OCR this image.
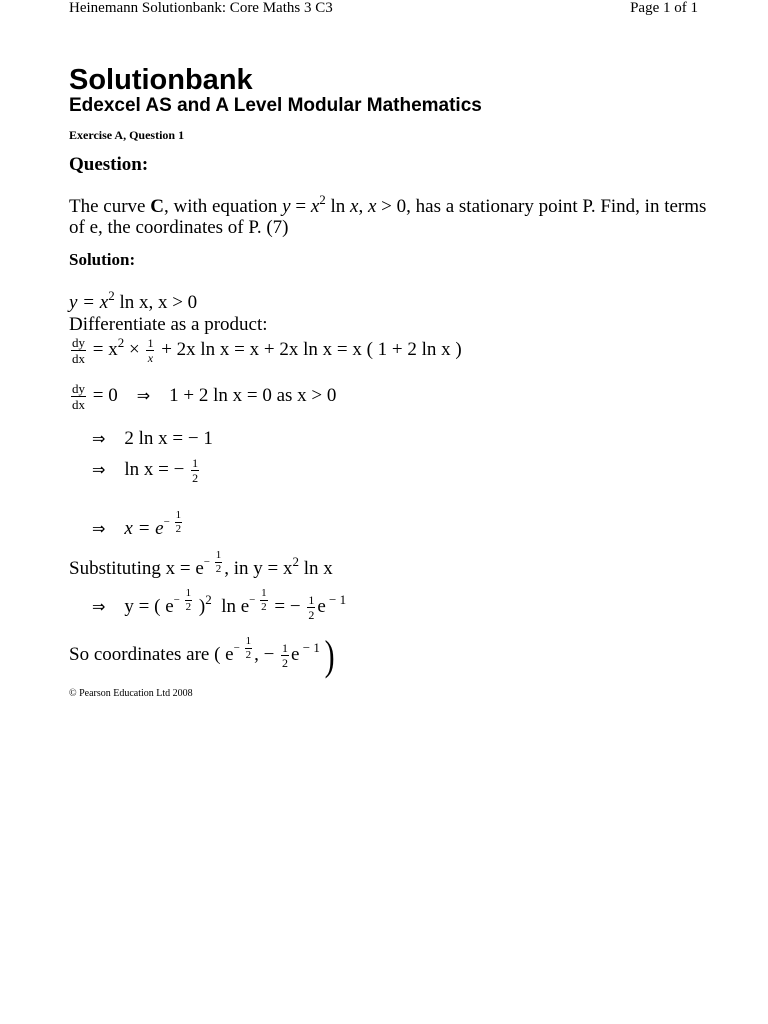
Heinemann Solutionbank: Core Maths 3 C3	Page 1 of 1
Solutionbank
Edexcel AS and A Level Modular Mathematics
Exercise A, Question 1
Question:
The curve C, with equation $y = x^2$ ln x, x > 0, has a stationary point P. Find, in terms of e, the coordinates of P. (7)
Solution:
$y = x^2$ ln x, x > 0
Differentiate as a product:
$\frac{dy}{dx} = x^2 \times \frac{1}{x} + 2x$ ln x = x + 2x ln x = x ( 1 + 2 ln x )
$\frac{dy}{dx} = 0$ ⇒ 1 + 2 ln x = 0 as x > 0
⇒ 2 ln x = − 1
⇒ ln x = − $\frac{1}{2}$
⇒ $x = e- \frac{1}{2}$
Substituting $x = e- \frac{1}{2}$ , in $y = x^2$ ln x
⇒ y = ( $e- \frac{1}{2} )^2$ $\ln e- \frac{1}{2}$ = − $\frac{1}{2}$ e $^{- 1}$
So coordinates are ( $e- \frac{1}{2}$ , − $\frac{1}{2}$ e $^{- 1}$ )
© Pearson Education Ltd 2008
